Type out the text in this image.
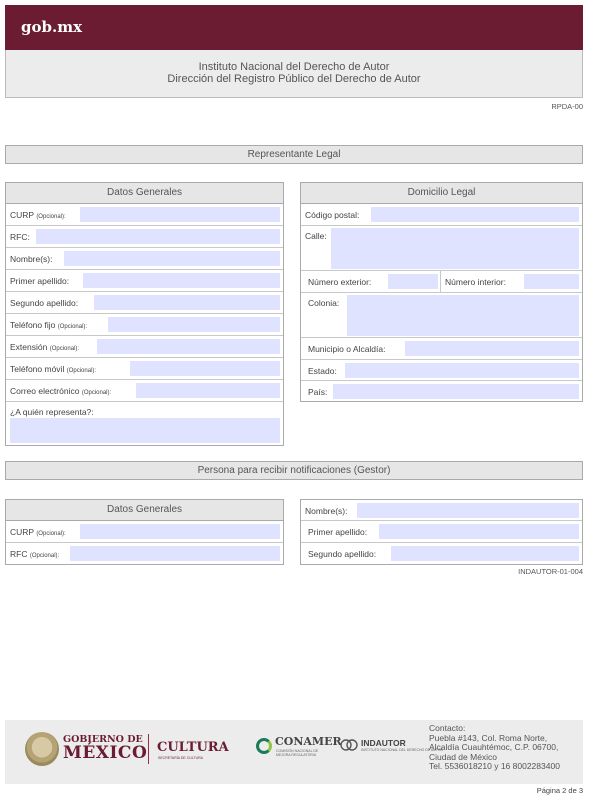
gob.mx
Instituto Nacional del Derecho de Autor
Dirección del Registro Público del Derecho de Autor
RPDA-00
Representante Legal
Datos Generales
CURP (Opcional):
RFC:
Nombre(s):
Primer apellido:
Segundo apellido:
Teléfono fijo (Opcional):
Extensión (Opcional):
Teléfono móvil (Opcional):
Correo electrónico (Opcional):
¿A quién representa?:
Domicilio Legal
Código postal:
Calle:
Número exterior:	Número interior:
Colonia:
Municipio o Alcaldía:
Estado:
País:
Persona para recibir notificaciones (Gestor)
Datos Generales
CURP (Opcional):
RFC (Opcional):
Nombre(s):
Primer apellido:
Segundo apellido:
INDAUTOR-01-004
GOBIERNO DE
MÉXICO CULTURA
SECRETARÍA DE CULTURA
CONAMER
COMISIÓN NACIONAL DE MEJORA REGULATORIA
INDAUTOR
INSTITUTO NACIONAL DEL DERECHO DE AUTOR
Contacto:
Puebla #143, Col. Roma Norte,
Alcaldía Cuauhtémoc, C.P. 06700,
Ciudad de México
Tel. 5536018210 y 16 8002283400
Página 2 de 3
